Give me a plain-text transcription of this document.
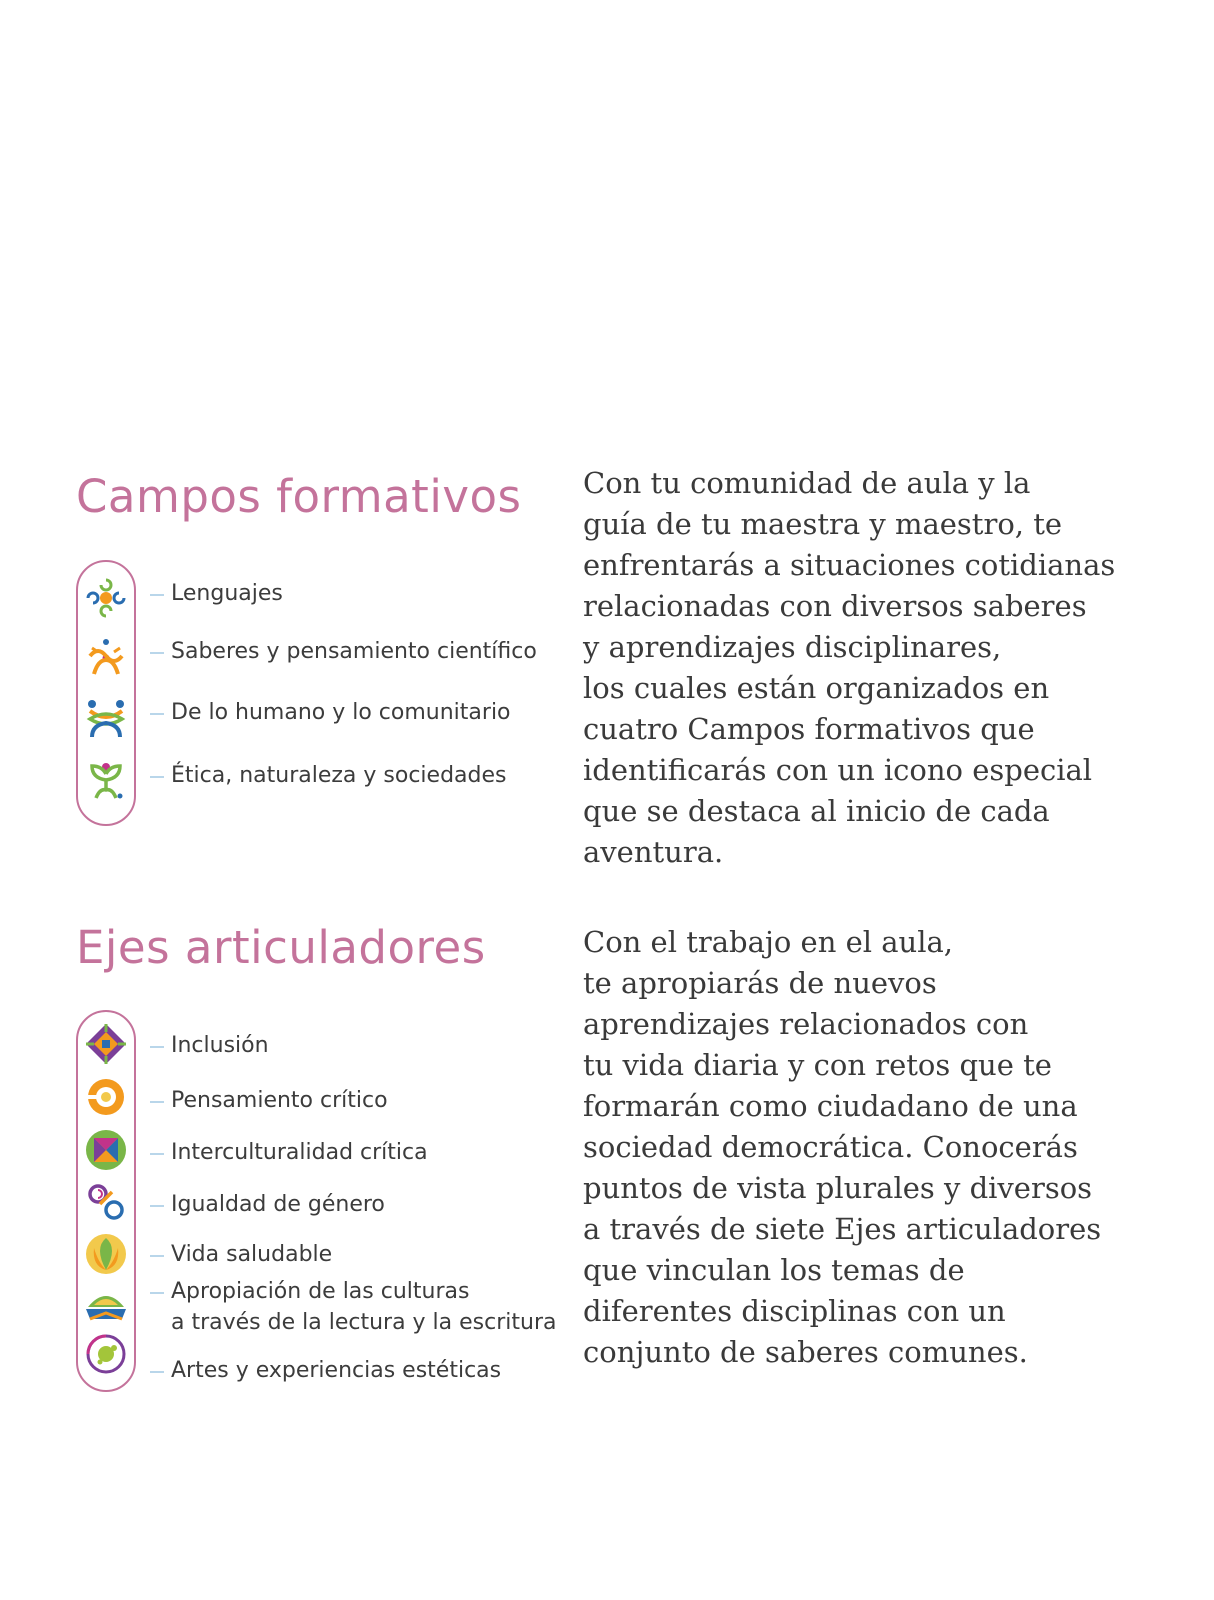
Campos formativos
Lenguajes
Saberes y pensamiento científico
De lo humano y lo comunitario
Ética, naturaleza y sociedades

Con tu comunidad de aula y la
guía de tu maestra y maestro, te
enfrentarás a situaciones cotidianas
relacionadas con diversos saberes
y aprendizajes disciplinares,
los cuales están organizados en
cuatro Campos formativos que
identificarás con un icono especial
que se destaca al inicio de cada
aventura.

Ejes articuladores
Inclusión
Pensamiento crítico
Interculturalidad crítica
Igualdad de género
Vida saludable
Apropiación de las culturas
a través de la lectura y la escritura
Artes y experiencias estéticas

Con el trabajo en el aula,
te apropiarás de nuevos
aprendizajes relacionados con
tu vida diaria y con retos que te
formarán como ciudadano de una
sociedad democrática. Conocerás
puntos de vista plurales y diversos
a través de siete Ejes articuladores
que vinculan los temas de
diferentes disciplinas con un
conjunto de saberes comunes.
